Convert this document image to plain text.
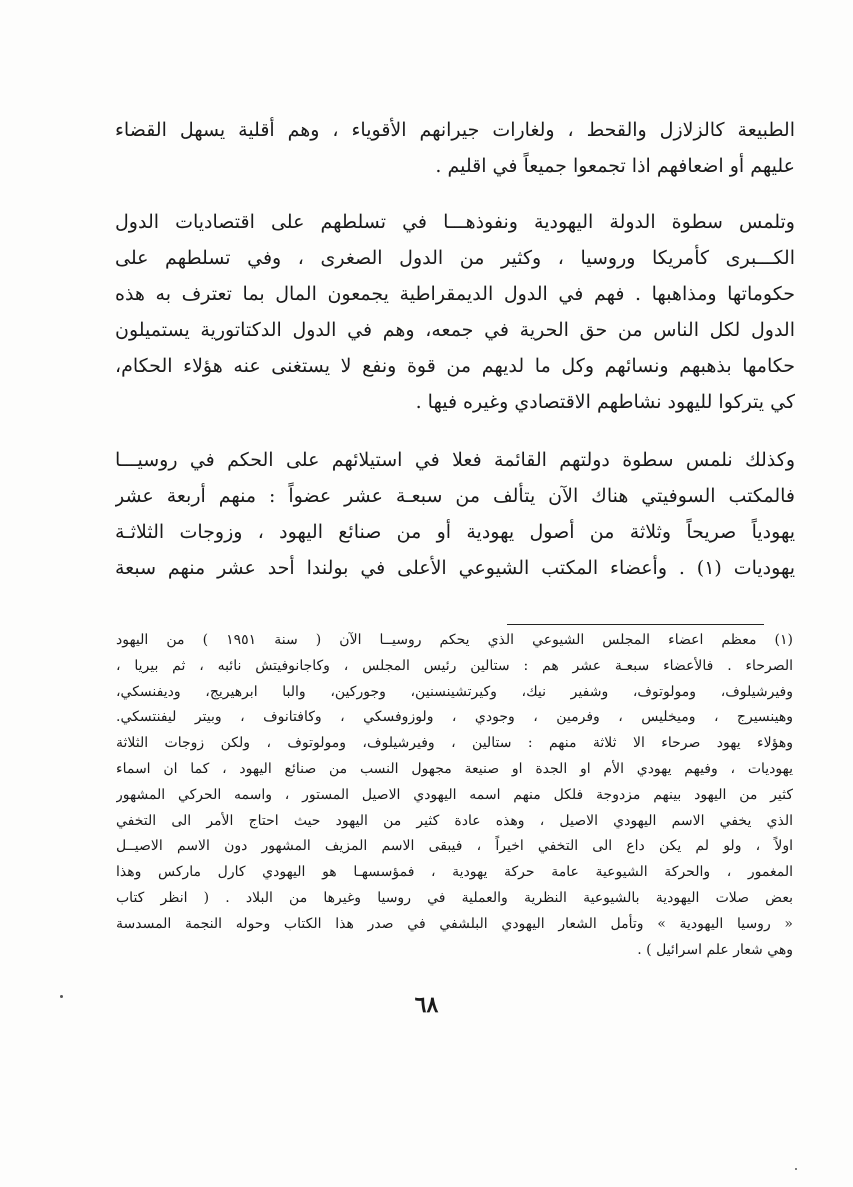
الطبيعة كالزلازل والقحط ، ولغارات جيرانهم الأقوياء ، وهم أقلية يسهل القضاء
عليهم أو اضعافهم اذا تجمعوا جميعاً في اقليم .
وتلمس سطوة الدولة اليهودية ونفوذهـــا في تسلطهم على اقتصاديات الدول
الكـــبرى كأمريكا وروسيا ، وكثير من الدول الصغرى ، وفي تسلطهم على
حكوماتها ومذاهبها . فهم في الدول الديمقراطية يجمعون المال بما تعترف به هذه
الدول لكل الناس من حق الحرية في جمعه، وهم في الدول الدكتاتورية يستميلون
حكامها بذهبهم ونسائهم وكل ما لديهم من قوة ونفع لا يستغنى عنه هؤلاء الحكام،
كي يتركوا لليهود نشاطهم الاقتصادي وغيره فيها .
وكذلك نلمس سطوة دولتهم القائمة فعلا في استيلائهم على الحكم في روسيـــا
فالمكتب السوفيتي هناك الآن يتألف من سبعـة عشر عضواً : منهم أربعة عشر
يهودياً صريحاً وثلاثة من أصول يهودية أو من صنائع اليهود ، وزوجات الثلاثـة
يهوديات (١) . وأعضاء المكتب الشيوعي الأعلى في بولندا أحد عشر منهم سبعة
(١) معظم اعضاء المجلس الشيوعي الذي يحكم روسيــا الآن ( سنة ١٩٥١ ) من اليهود
الصرحاء . فالأعضاء سبعـة عشر هم : ستالين رئيس المجلس ، وكاجانوفيتش نائبه ، ثم بيريا ،
وفيرشيلوف، ومولوتوف، وشفير نيك، وكيرتشينسنين، وجوركين، والبا ابرهيريج، وديفنسكي،
وهينسيرج ، وميخليس ، وفرمين ، وجودي ، ولوزوفسكي ، وكافتانوف ، وبيتر ليفنتسكي.
وهؤلاء يهود صرحاء الا ثلاثة منهم : ستالين ، وفيرشيلوف، ومولوتوف ، ولكن زوجات الثلاثة
يهوديات ، وفيهم يهودي الأم او الجدة او صنيعة مجهول النسب من صنائع اليهود ، كما ان اسماء
كثير من اليهود بينهم مزدوجة فلكل منهم اسمه اليهودي الاصيل المستور ، واسمه الحركي المشهور
الذي يخفي الاسم اليهودي الاصيل ، وهذه عادة كثير من اليهود حيث احتاج الأمر الى التخفي
اولاً ، ولو لم يكن داع الى التخفي اخيراً ، فيبقى الاسم المزيف المشهور دون الاسم الاصيــل
المغمور ، والحركة الشيوعية عامة حركة يهودية ، فمؤسسهـا هو اليهودي كارل ماركس وهذا
بعض صلات اليهودية بالشيوعية النظرية والعملية في روسيا وغيرها من البلاد . ( انظر كتاب
« روسيا اليهودية » وتأمل الشعار اليهودي البلشفي في صدر هذا الكتاب وحوله النجمة المسدسة
وهي شعار علم اسرائيل ) .
٦٨
